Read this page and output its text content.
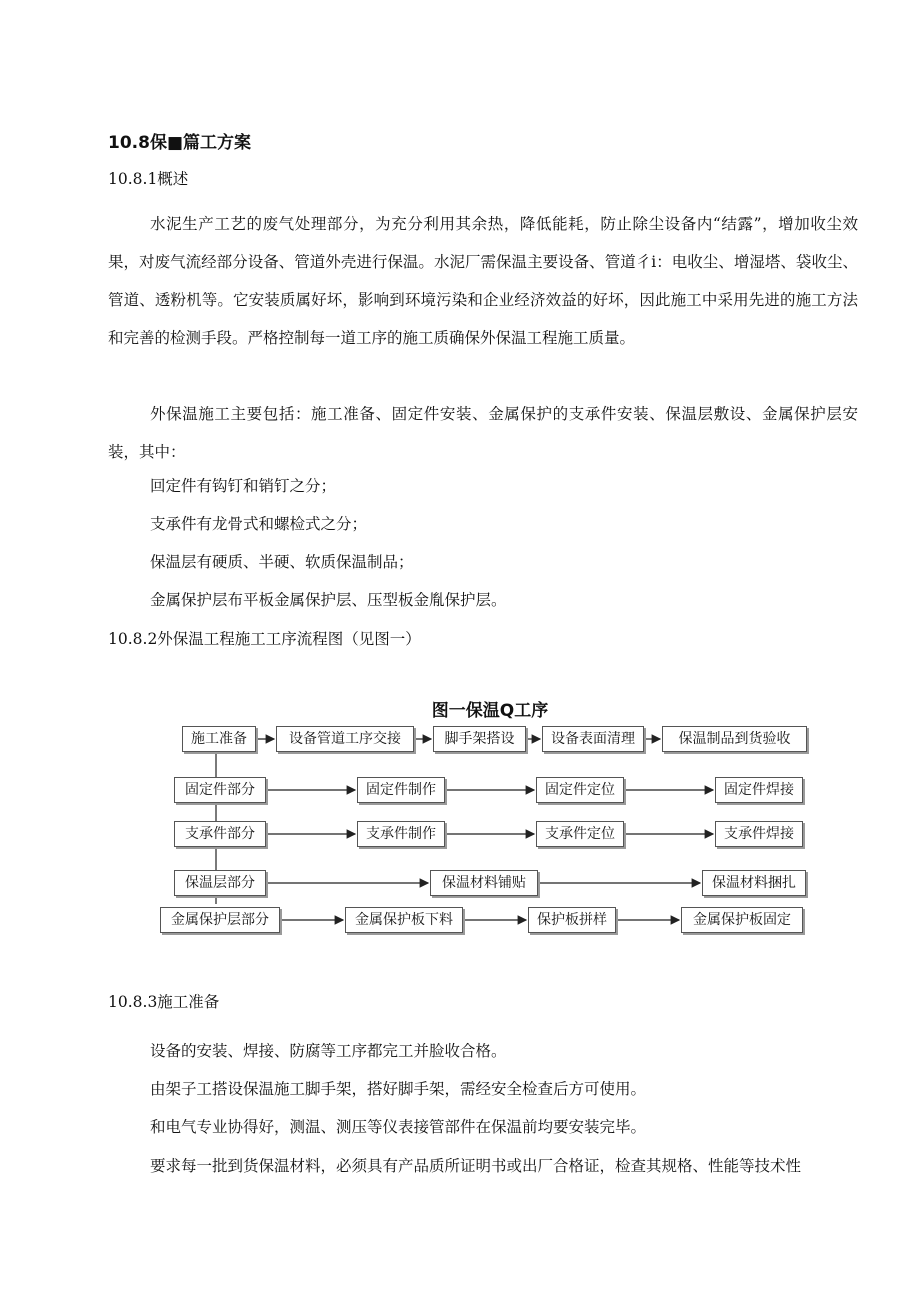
10.8保■篇工方案
10.8.1概述
水泥生产工艺的废气处理部分，为充分利用其余热，降低能耗，防止除尘设备内“结露”，增加收尘效果，对废气流经部分设备、管道外壳进行保温。水泥厂需保温主要设备、管道彳i：电收尘、增湿塔、袋收尘、管道、透粉机等。它安装质属好坏，影响到环境污染和企业经济效益的好坏，因此施工中采用先进的施工方法和完善的检测手段。严格控制每一道工序的施工质确保外保温工程施工质量。
外保温施工主要包括：施工准备、固定件安装、金属保护的支承件安装、保温层敷设、金属保护层安装，其中：
回定件有钩钉和销钉之分；
支承件有龙骨式和螺检式之分；
保温层有硬质、半硬、软质保温制品；
金属保护层布平板金属保护层、压型板金胤保护层。
10.8.2外保温工程施工工序流程图（见图一）
图一保温Q工序
施工准备	设备管道工序交接	脚手架搭设	设备表面清理	保温制品到货验收
固定件部分	固定件制作	固定件定位	固定件焊接
支承件部分	支承件制作	支承件定位	支承件焊接
保温层部分	保温材料铺贴	保温材料捆扎
金属保护层部分	金属保护板下料	保护板拼样	金属保护板固定
10.8.3施工准备
设备的安装、焊接、防腐等工序都完工并脸收合格。
由架子工搭设保温施工脚手架，搭好脚手架，需经安全检查后方可使用。
和电气专业协得好，测温、测压等仪表接管部件在保温前均要安装完毕。
要求每一批到货保温材料，必须具有产品质所证明书或出厂合格证，检查其规格、性能等技术性
